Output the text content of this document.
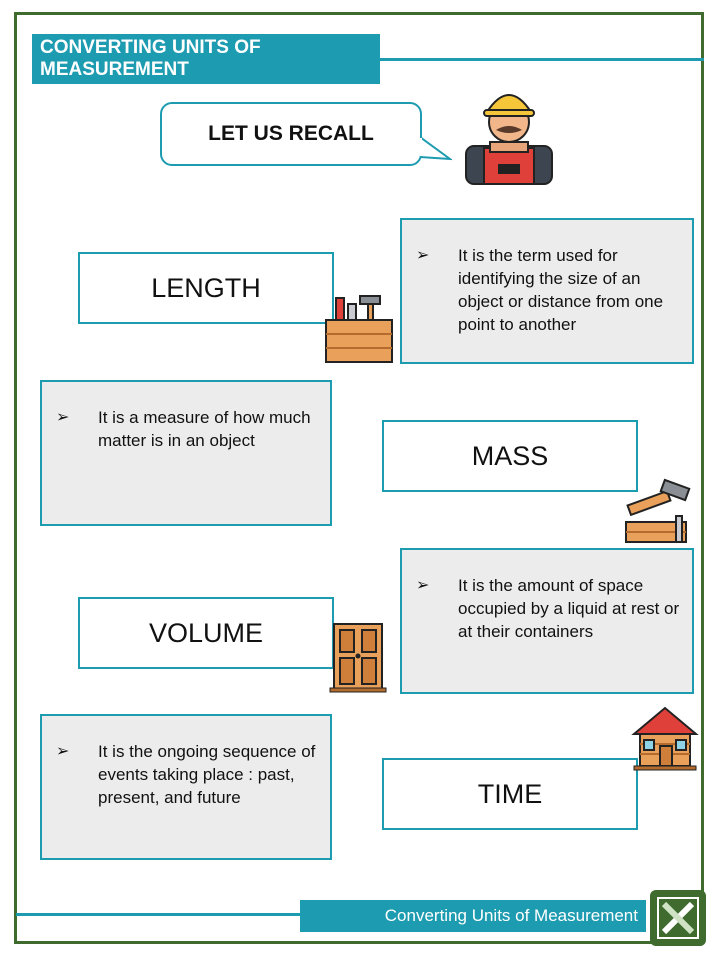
CONVERTING UNITS OF MEASUREMENT
LET US RECALL
LENGTH
➢ It is the term used for identifying the size of an object or distance from one point to another
➢ It is a measure of how much matter is in an object	MASS
VOLUME
➢ It is the amount of space occupied by a liquid at rest or at their containers
➢ It is the ongoing sequence of events taking place : past, present, and future	TIME
Converting Units of Measurement
